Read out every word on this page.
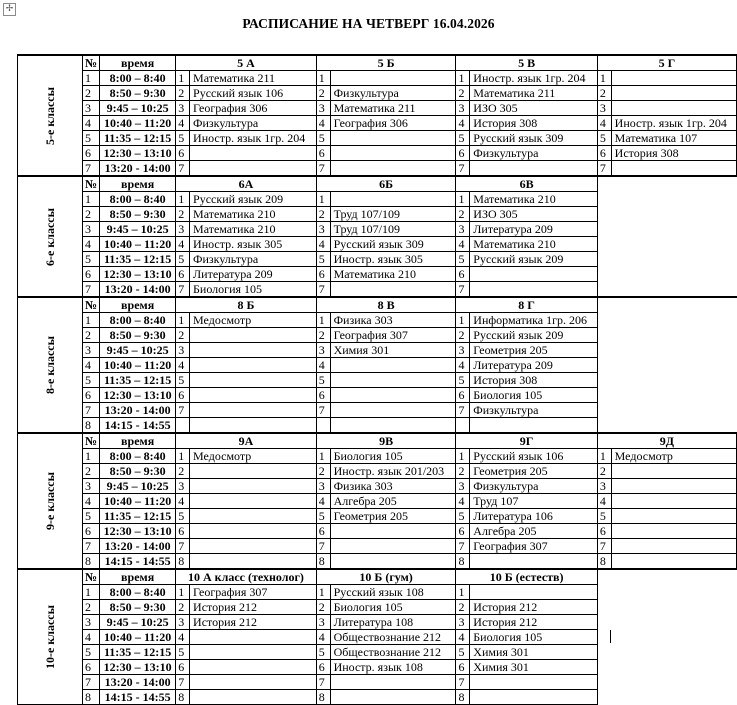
✢
РАСПИСАНИЕ НА ЧЕТВЕРГ 16.04.2026
5-е классы	№	время	5 А		5 Б		5 В		5 Г	
	1	8:00 – 8:40	1	Математика 211	1		1	Иностр. язык 1гр. 204	1	
	2	8:50 – 9:30	2	Русский язык 106	2	Физкультура	2	Математика 211	2	
	3	9:45 – 10:25	3	География 306	3	Математика 211	3	ИЗО 305	3	
	4	10:40 – 11:20	4	Физкультура	4	География 306	4	История 308	4	Иностр. язык 1гр. 204
	5	11:35 – 12:15	5	Иностр. язык 1гр. 204	5		5	Русский язык 309	5	Математика 107
	6	12:30 – 13:10	6		6		6	Физкультура	6	История 308
	7	13:20 - 14:00	7		7		7		7	
6-е классы	№	время	6А		6Б		6В			
	1	8:00 – 8:40	1	Русский язык 209	1		1	Математика 210		
	2	8:50 – 9:30	2	Математика 210	2	Труд 107/109	2	ИЗО 305		
	3	9:45 – 10:25	3	Математика 210	3	Труд 107/109	3	Литература 209		
	4	10:40 – 11:20	4	Иностр. язык 305	4	Русский язык 309	4	Математика 210		
	5	11:35 – 12:15	5	Физкультура	5	Иностр. язык 305	5	Русский язык 209		
	6	12:30 – 13:10	6	Литература 209	6	Математика 210	6			
	7	13:20 - 14:00	7	Биология 105	7		7			
8-е классы	№	время	8 Б		8 В		8 Г			
	1	8:00 – 8:40	1	Медосмотр	1	Физика 303	1	Информатика 1гр. 206		
	2	8:50 – 9:30	2		2	География 307	2	Русский язык 209		
	3	9:45 – 10:25	3		3	Химия 301	3	Геометрия 205		
	4	10:40 – 11:20	4		4		4	Литература 209		
	5	11:35 – 12:15	5		5		5	История 308		
	6	12:30 – 13:10	6		6		6	Биология 105		
	7	13:20 - 14:00	7		7		7	Физкультура		
	8	14:15 - 14:55								
9-е классы	№	время	9А		9В		9Г		9Д	
	1	8:00 – 8:40	1	Медосмотр	1	Биология 105	1	Русский язык 106	1	Медосмотр
	2	8:50 – 9:30	2		2	Иностр. язык 201/203	2	Геометрия 205	2	
	3	9:45 – 10:25	3		3	Физика 303	3	Физкультура	3	
	4	10:40 – 11:20	4		4	Алгебра 205	4	Труд 107	4	
	5	11:35 – 12:15	5		5	Геометрия 205	5	Литература 106	5	
	6	12:30 – 13:10	6		6		6	Алгебра 205	6	
	7	13:20 - 14:00	7		7		7	География 307	7	
	8	14:15 - 14:55	8		8		8		8	
10-е классы	№	время	10 А класс (технолог)		10 Б (гум)		10 Б (естеств)			
	1	8:00 – 8:40	1	География 307	1	Русский язык 108	1			
	2	8:50 – 9:30	2	История 212	2	Биология 105	2	История 212		
	3	9:45 – 10:25	3	История 212	3	Литература 108	3	История 212		
	4	10:40 – 11:20	4		4	Обществознание 212	4	Биология 105		
	5	11:35 – 12:15	5		5	Обществознание 212	5	Химия 301		
	6	12:30 – 13:10	6		6	Иностр. язык 108	6	Химия 301		
	7	13:20 - 14:00	7		7		7			
	8	14:15 - 14:55	8		8		8			
